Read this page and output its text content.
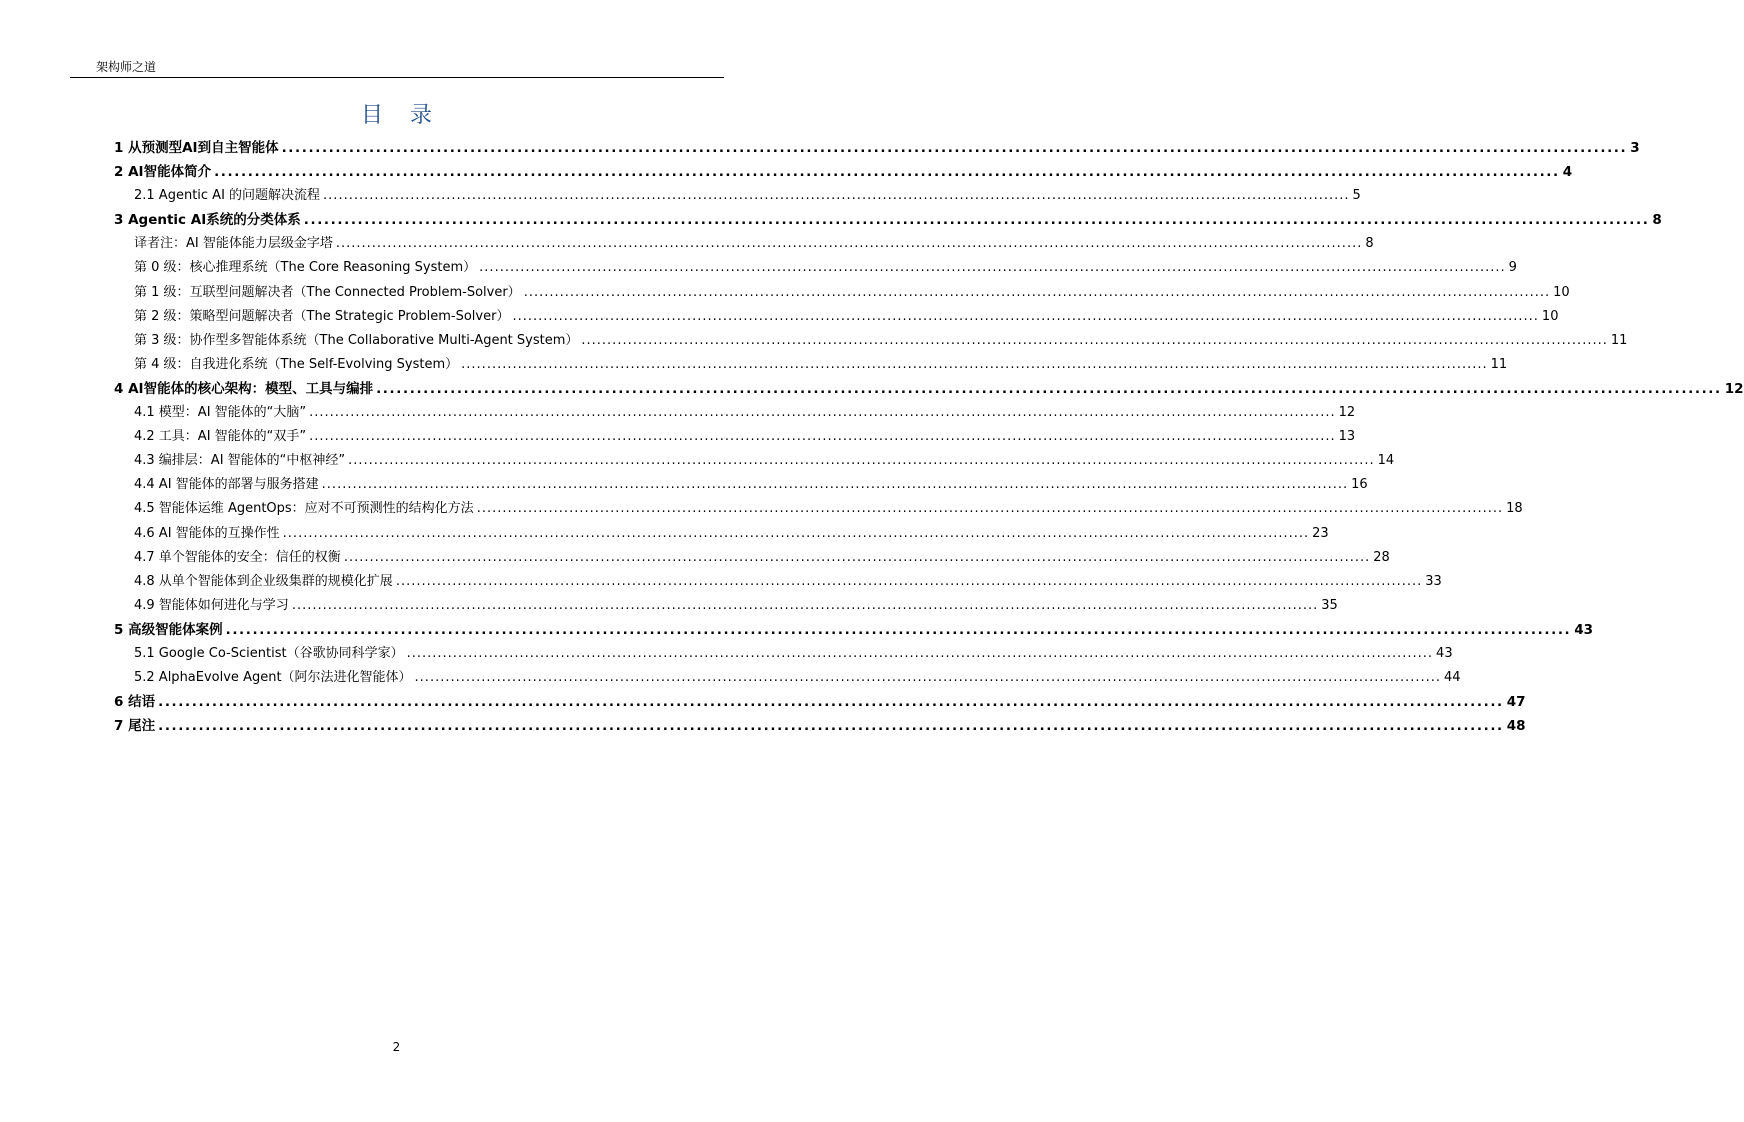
架构师之道
目 录
1 从预测型AI到自主智能体 ........................................................................................................................................................................................................ 3
2 AI智能体简介 ........................................................................................................................................................................................................ 4
2.1 Agentic AI 的问题解决流程 ........................................................................................................................................................................................................ 5
3 Agentic AI系统的分类体系 ........................................................................................................................................................................................................ 8
译者注：AI 智能体能力层级金字塔 ........................................................................................................................................................................................................ 8
第 0 级：核心推理系统（The Core Reasoning System） ........................................................................................................................................................................................................ 9
第 1 级：互联型问题解决者（The Connected Problem-Solver） ........................................................................................................................................................................................................ 10
第 2 级：策略型问题解决者（The Strategic Problem-Solver） ........................................................................................................................................................................................................ 10
第 3 级：协作型多智能体系统（The Collaborative Multi-Agent System） ........................................................................................................................................................................................................ 11
第 4 级：自我进化系统（The Self-Evolving System） ........................................................................................................................................................................................................ 11
4 AI智能体的核心架构：模型、工具与编排 ........................................................................................................................................................................................................ 12
4.1 模型：AI 智能体的“大脑” ........................................................................................................................................................................................................ 12
4.2 工具：AI 智能体的“双手” ........................................................................................................................................................................................................ 13
4.3 编排层：AI 智能体的“中枢神经” ........................................................................................................................................................................................................ 14
4.4 AI 智能体的部署与服务搭建 ........................................................................................................................................................................................................ 16
4.5 智能体运维 AgentOps：应对不可预测性的结构化方法 ........................................................................................................................................................................................................ 18
4.6 AI 智能体的互操作性 ........................................................................................................................................................................................................ 23
4.7 单个智能体的安全：信任的权衡 ........................................................................................................................................................................................................ 28
4.8 从单个智能体到企业级集群的规模化扩展 ........................................................................................................................................................................................................ 33
4.9 智能体如何进化与学习 ........................................................................................................................................................................................................ 35
5 高级智能体案例 ........................................................................................................................................................................................................ 43
5.1 Google Co-Scientist（谷歌协同科学家） ........................................................................................................................................................................................................ 43
5.2 AlphaEvolve Agent（阿尔法进化智能体） ........................................................................................................................................................................................................ 44
6 结语 ........................................................................................................................................................................................................ 47
7 尾注 ........................................................................................................................................................................................................ 48
2
